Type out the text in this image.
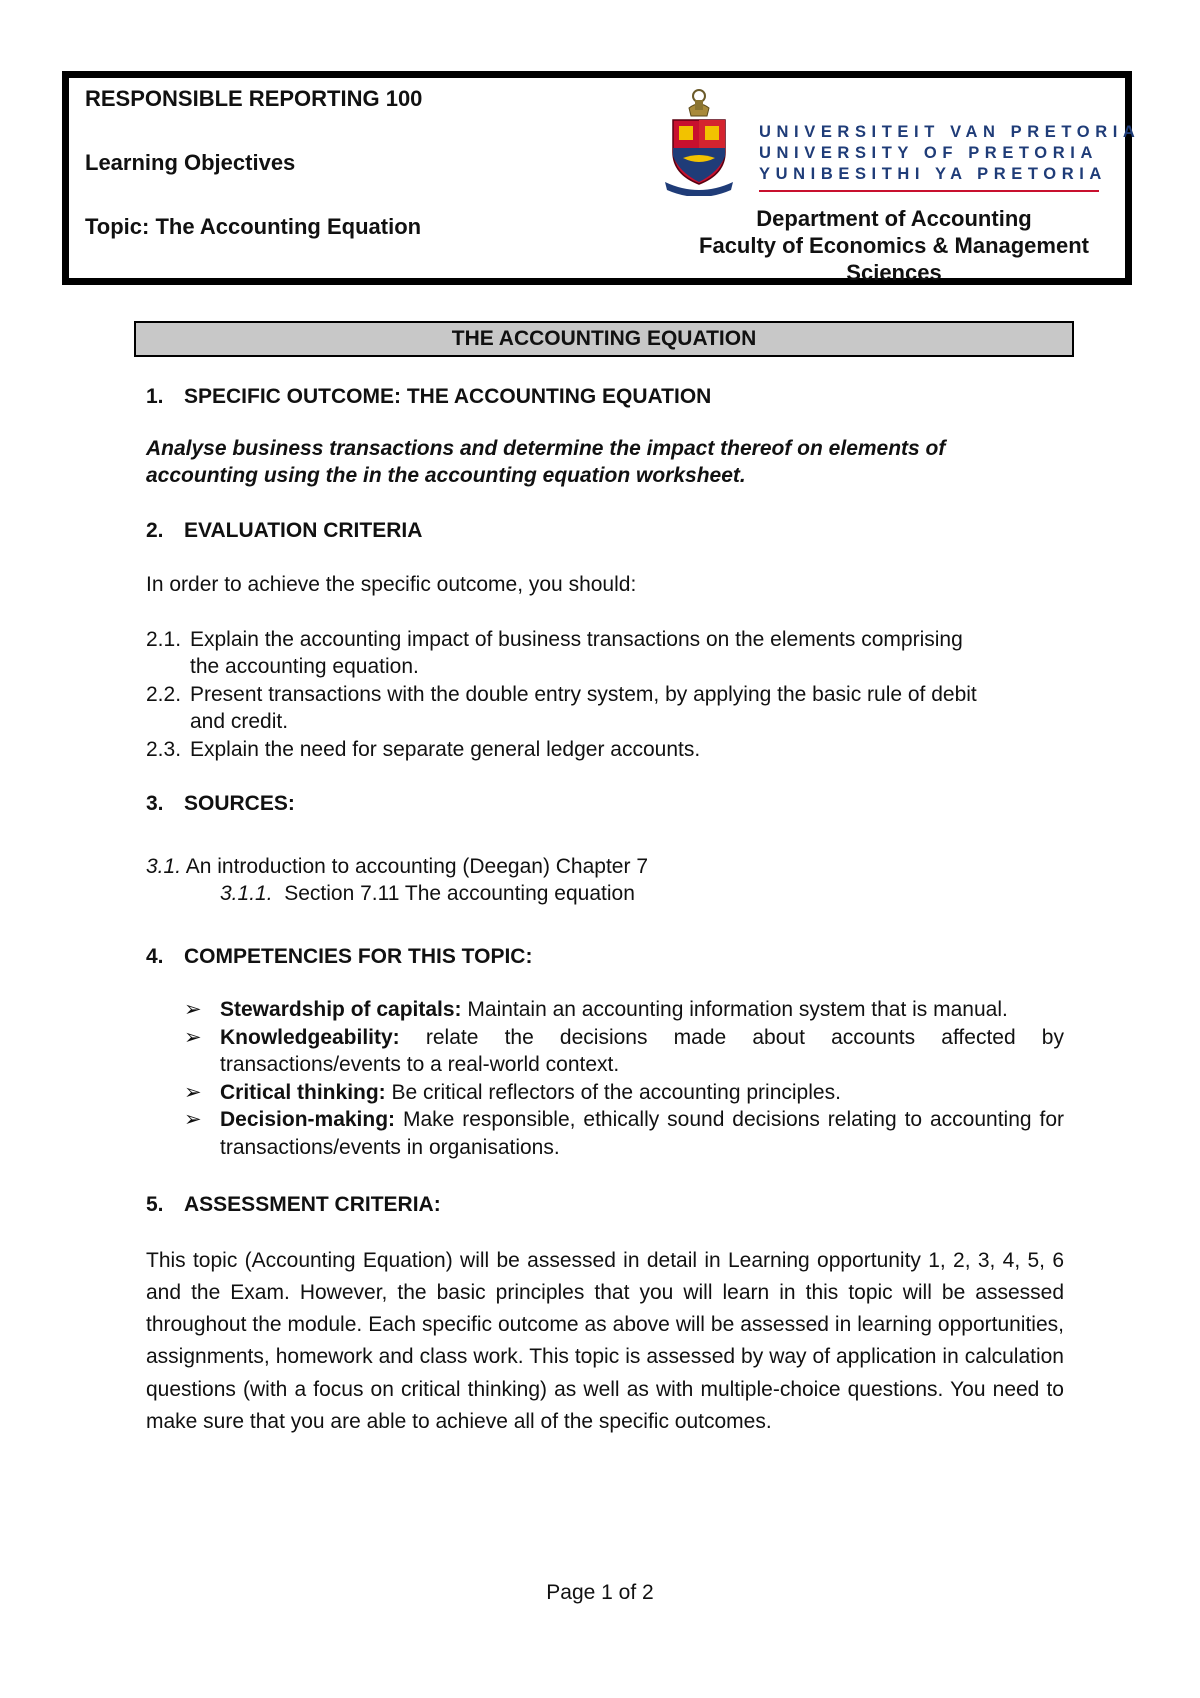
RESPONSIBLE REPORTING 100
Learning Objectives
Topic: The Accounting Equation
UNIVERSITEIT VAN PRETORIA
UNIVERSITY OF PRETORIA
YUNIBESITHI YA PRETORIA
Department of Accounting
Faculty of Economics & Management
Sciences
THE ACCOUNTING EQUATION
1. SPECIFIC OUTCOME: THE ACCOUNTING EQUATION
Analyse business transactions and determine the impact thereof on elements of
accounting using the in the accounting equation worksheet.
2. EVALUATION CRITERIA
In order to achieve the specific outcome, you should:
2.1. Explain the accounting impact of business transactions on the elements comprising
the accounting equation.
2.2. Present transactions with the double entry system, by applying the basic rule of debit
and credit.
2.3. Explain the need for separate general ledger accounts.
3. SOURCES:
3.1. An introduction to accounting (Deegan) Chapter 7
3.1.1.  Section 7.11 The accounting equation
4. COMPETENCIES FOR THIS TOPIC:
➢ Stewardship of capitals: Maintain an accounting information system that is manual.
➢ Knowledgeability: relate the decisions made about accounts affected by transactions/events to a real-world context.
➢ Critical thinking: Be critical reflectors of the accounting principles.
➢ Decision-making: Make responsible, ethically sound decisions relating to accounting for transactions/events in organisations.
5. ASSESSMENT CRITERIA:
This topic (Accounting Equation) will be assessed in detail in Learning opportunity 1, 2, 3, 4, 5, 6 and the Exam. However, the basic principles that you will learn in this topic will be assessed throughout the module. Each specific outcome as above will be assessed in learning opportunities, assignments, homework and class work. This topic is assessed by way of application in calculation questions (with a focus on critical thinking) as well as with multiple-choice questions. You need to make sure that you are able to achieve all of the specific outcomes.
Page 1 of 2
